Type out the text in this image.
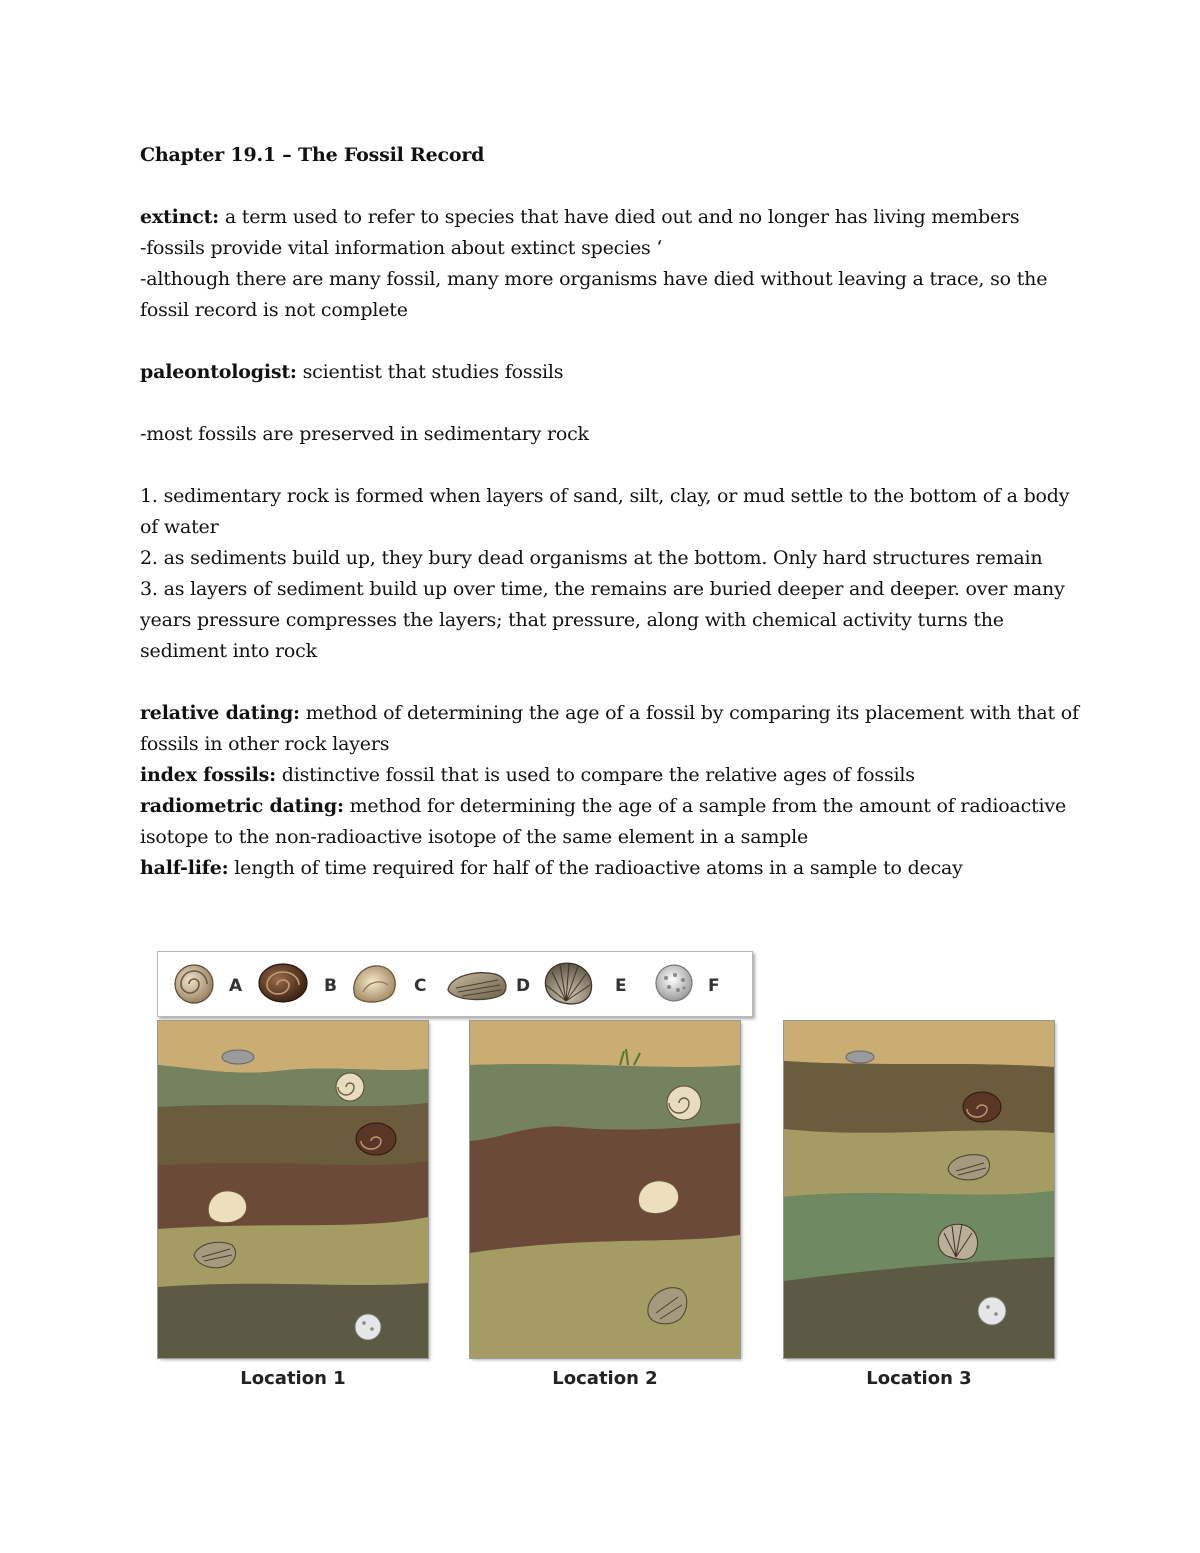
Chapter 19.1 – The Fossil Record

extinct: a term used to refer to species that have died out and no longer has living members

-fossils provide vital information about extinct species ‘

-although there are many fossil, many more organisms have died without leaving a trace, so the fossil record is not complete

paleontologist: scientist that studies fossils

-most fossils are preserved in sedimentary rock

1. sedimentary rock is formed when layers of sand, silt, clay, or mud settle to the bottom of a body of water

2. as sediments build up, they bury dead organisms at the bottom. Only hard structures remain

3. as layers of sediment build up over time, the remains are buried deeper and deeper. over many years pressure compresses the layers; that pressure, along with chemical activity turns the sediment into rock

relative dating: method of determining the age of a fossil by comparing its placement with that of fossils in other rock layers

index fossils: distinctive fossil that is used to compare the relative ages of fossils

radiometric dating: method for determining the age of a sample from the amount of radioactive isotope to the non-radioactive isotope of the same element in a sample

half-life: length of time required for half of the radioactive atoms in a sample to decay

A	B	C	D	E	F
Location 1	Location 2	Location 3
